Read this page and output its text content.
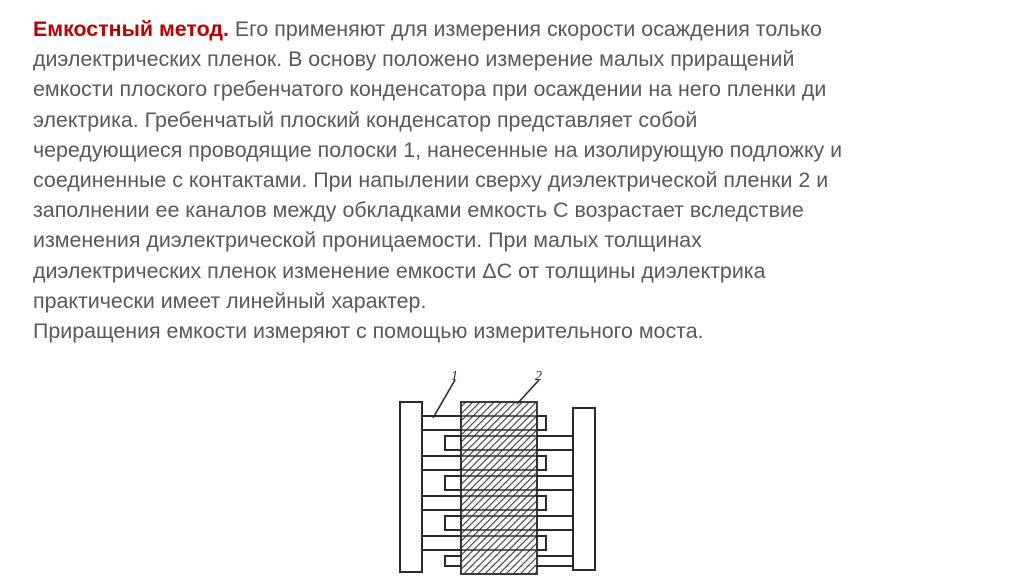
Емкостный метод. Его применяют для измерения скорости осаждения только
диэлектрических пленок. В основу положено измерение малых приращений
емкости плоского гребенчатого конденсатора при осаждении на него пленки ди
электрика. Гребенчатый плоский конденсатор представляет собой
чередующиеся проводящие полоски 1, нанесенные на изолирующую подложку и
соединенные с контактами. При напылении сверху диэлектрической пленки 2 и
заполнении ее каналов между обкладками емкость С возрастает вследствие
изменения диэлектрической проницаемости. При малых толщинах
диэлектрических пленок изменение емкости ΔС от толщины диэлектрика
практически имеет линейный характер.

Приращения емкости измеряют с помощью измерительного моста.

1	2
